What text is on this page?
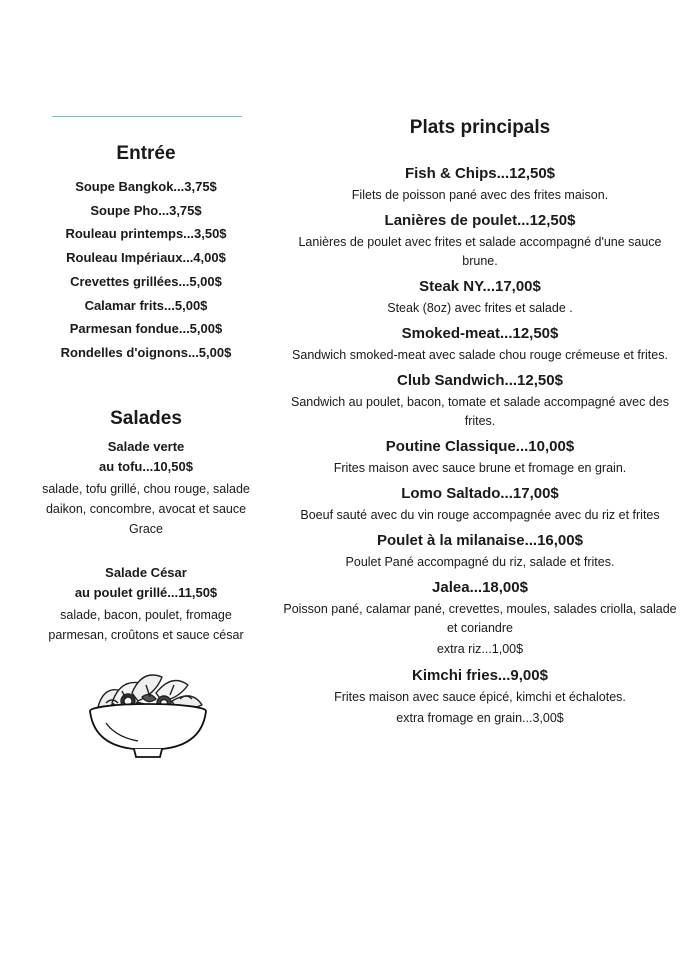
Entrée
Soupe Bangkok...3,75$
Soupe Pho...3,75$
Rouleau printemps...3,50$
Rouleau Impériaux...4,00$
Crevettes grillées...5,00$
Calamar frits...5,00$
Parmesan fondue...5,00$
Rondelles d'oignons...5,00$
Salades
Salade verte
au tofu...10,50$
salade, tofu grillé, chou rouge, salade daikon, concombre, avocat et sauce Grace
Salade César
au poulet grillé...11,50$
salade, bacon, poulet, fromage parmesan, croûtons et sauce césar
Plats principals
Fish & Chips...12,50$
Filets de poisson pané avec des frites maison.
Lanières de poulet...12,50$
Lanières de poulet avec frites et salade accompagné d'une sauce brune.
Steak NY...17,00$
Steak (8oz) avec frites et salade .
Smoked-meat...12,50$
Sandwich smoked-meat avec salade chou rouge crémeuse et frites.
Club Sandwich...12,50$
Sandwich au poulet, bacon, tomate et salade accompagné avec des frites.
Poutine Classique...10,00$
Frites maison avec sauce brune et fromage en grain.
Lomo Saltado...17,00$
Boeuf sauté avec du vin rouge accompagnée avec du riz et frites
Poulet à la milanaise...16,00$
Poulet Pané accompagné du riz, salade et frites.
Jalea...18,00$
Poisson pané, calamar pané, crevettes, moules, salades criolla, salade et coriandre
extra riz...1,00$
Kimchi fries...9,00$
Frites maison avec sauce épicé, kimchi et échalotes.
extra fromage en grain...3,00$
